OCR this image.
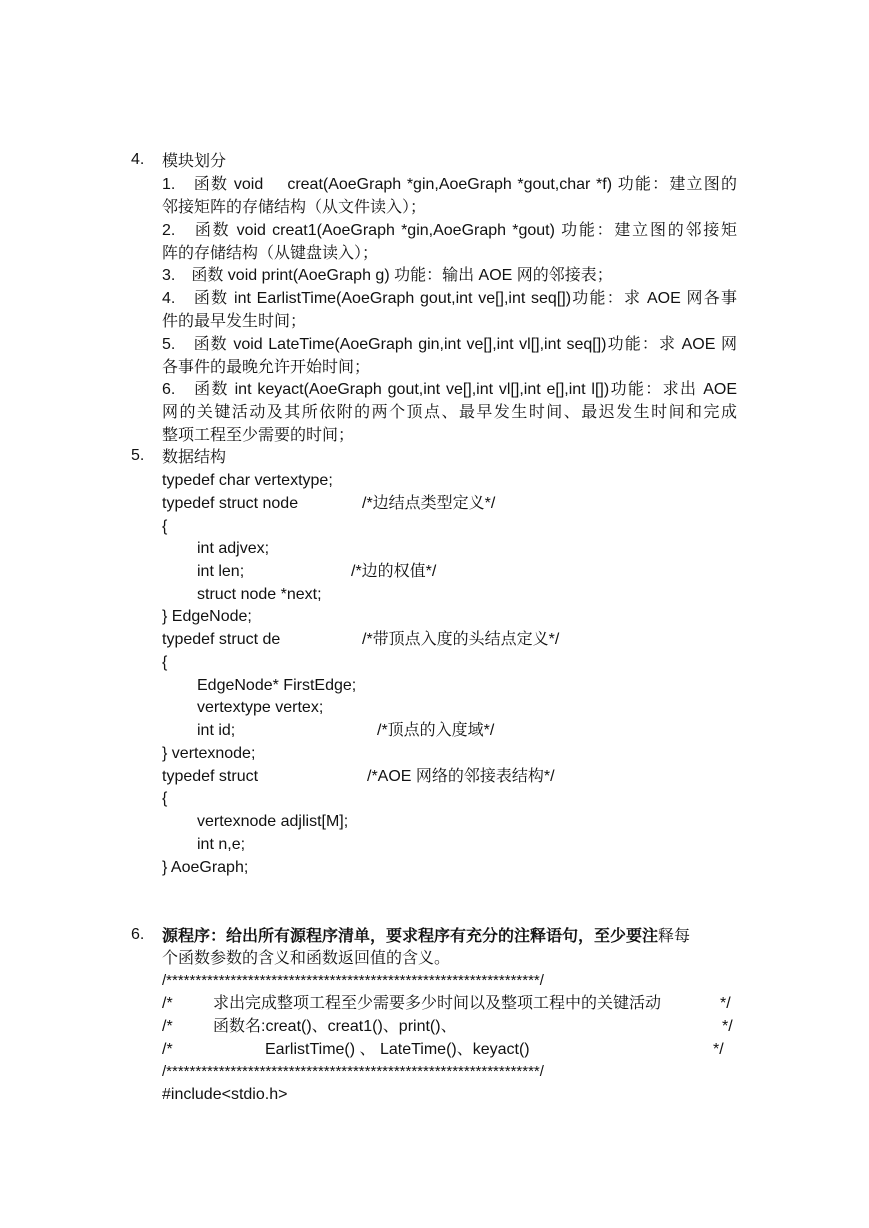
4. 模块划分
1.　函数 void　 creat(AoeGraph *gin,AoeGraph *gout,char *f) 功能：建立图的
邻接矩阵的存储结构（从文件读入）；
2.　函数 void creat1(AoeGraph *gin,AoeGraph *gout) 功能：建立图的邻接矩
阵的存储结构（从键盘读入）；
3.　函数 void print(AoeGraph g) 功能：输出 AOE 网的邻接表；
4.　函数 int EarlistTime(AoeGraph gout,int ve[],int seq[])功能：求 AOE 网各事
件的最早发生时间；
5.　函数 void LateTime(AoeGraph gin,int ve[],int vl[],int seq[])功能：求 AOE 网
各事件的最晚允许开始时间；
6.　函数 int keyact(AoeGraph gout,int ve[],int vl[],int e[],int l[])功能：求出 AOE
网的关键活动及其所依附的两个顶点、最早发生时间、最迟发生时间和完成
整项工程至少需要的时间；
5. 数据结构
typedef char vertextype;
typedef struct node	/*边结点类型定义*/
{
int adjvex;
int len;	/*边的权值*/
struct node *next;
} EdgeNode;
typedef struct de	/*带顶点入度的头结点定义*/
{
EdgeNode* FirstEdge;
vertextype vertex;
int id;	/*顶点的入度域*/
} vertexnode;
typedef struct	/*AOE 网络的邻接表结构*/
{
vertexnode adjlist[M];
int n,e;
} AoeGraph;
6. 源程序：给出所有源程序清单，要求程序有充分的注释语句，至少要注释每
个函数参数的含义和函数返回值的含义。
/****************************************************************/
/*	求出完成整项工程至少需要多少时间以及整项工程中的关键活动	*/
/*	函数名:creat()、creat1()、print()、	*/
/*	EarlistTime() 、 LateTime()、keyact()	*/
/****************************************************************/
#include<stdio.h>
